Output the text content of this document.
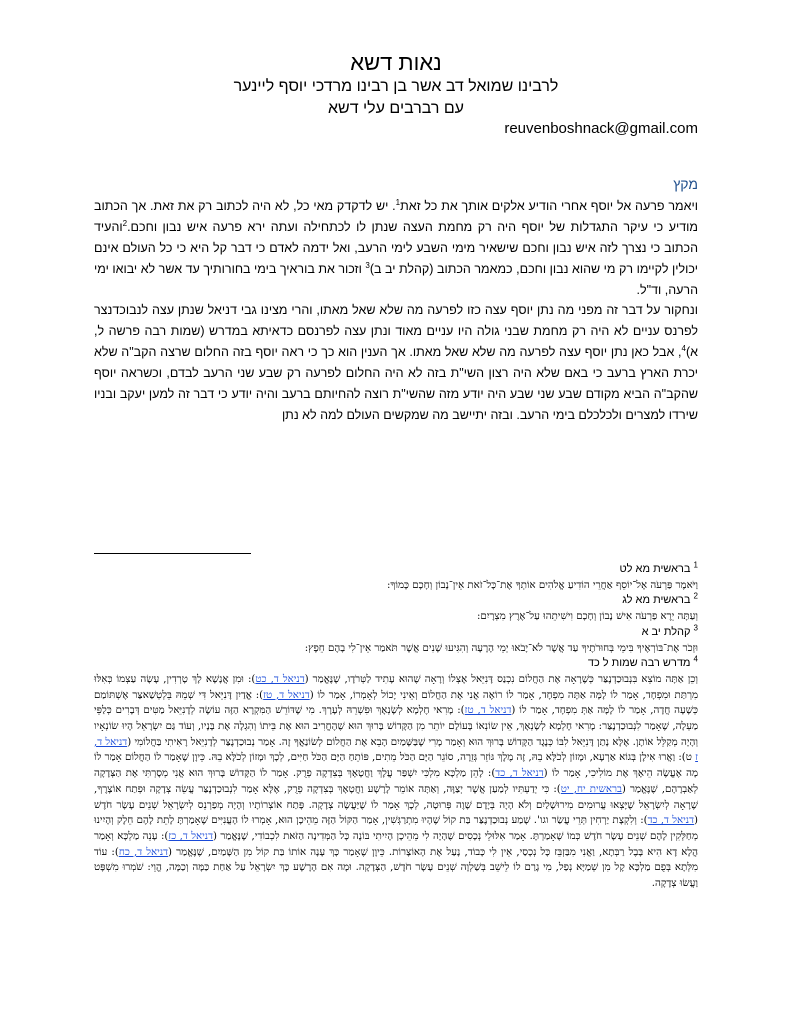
נאות דשא
לרבינו שמואל דב אשר בן רבינו מרדכי יוסף ליינער
עם רברבים עלי דשא
reuvenboshnack@gmail.com
מקץ
ויאמר פרעה אל יוסף אחרי הודיע אלקים אותך את כל זאת$^1$. יש לדקדק מאי כל, לא היה לכתוב רק את זאת. אך הכתוב מודיע כי עיקר התגדלות של יוסף היה רק מחמת העצה שנתן לו לכתחילה ועתה ירא פרעה איש נבון וחכם.$^2$והעיד הכתוב כי נצרך לזה איש נבון וחכם שישאיר מימי השבע לימי הרעב, ואל ידמה לאדם כי דבר קל היא כי כל העולם אינם יכולין לקיימו רק מי שהוא נבון וחכם, כמאמר הכתוב (קהלת יב ב)$^3$ וזכור את בוראיך בימי בחורותיך עד אשר לא יבואו ימי הרעה, וד"ל.
ונחקור על דבר זה מפני מה נתן יוסף עצה כזו לפרעה מה שלא שאל מאתו, והרי מצינו גבי דניאל שנתן עצה לנבוכדנצר לפרנס עניים לא היה רק מחמת שבני גולה היו עניים מאוד ונתן עצה לפרנסם כדאיתא במדרש (שמות רבה פרשה ל, א)$^4$, אבל כאן נתן יוסף עצה לפרעה מה שלא שאל מאתו. אך הענין הוא כך כי ראה יוסף בזה החלום שרצה הקב"ה שלא יכרת הארץ ברעב כי באם שלא היה רצון השי"ת בזה לא היה החלום לפרעה רק שבע שני הרעב לבדם, וכשראה יוסף שהקב"ה הביא מקודם שבע שני שבע היה יודע מזה שהשי"ת רוצה להחיותם ברעב והיה יודע כי דבר זה למען יעקב ובניו שירדו למצרים ולכלכלם בימי הרעב. ובזה יתיישב מה שמקשים העולם למה לא נתן
$^1$ בראשית מא לט
וַיֹּאמֶר פַּרְעֹה אֶל־יוֹסֵף אַחֲרֵי הוֹדִיעַ אֱלֹהִים אוֹתְךָ אֶת־כָּל־זֹאת אֵין־נָבוֹן וְחָכָם כָּמוֹךָ:
$^2$ בראשית מא לג
וְעַתָּה יֵרֶא פַרְעֹה אִישׁ נָבוֹן וְחָכָם וִישִׁיתֵהוּ עַל־אֶרֶץ מִצְרָיִם:
$^3$ קהלת יב א
וּזְכֹר אֶת־בּוֹרְאֶיךָ בִּימֵי בְּחוּרֹתֶיךָ עַד אֲשֶׁר לֹא־יָבֹאוּ יְמֵי הָרָעָה וְהִגִּיעוּ שָׁנִים אֲשֶׁר תֹּאמַר אֵין־לִי בָהֶם חֵפֶץ:
$^4$ מדרש רבה שמות ל כד
וְכֵן אַתָּה מוֹצֵא בִּנְבוּכַדְנֶצַּר כְּשֶׁרָאָה אֶת הַחֲלוֹם נִכְנַס דָּנִיֵּאל אֶצְלוֹ וְרָאָה שֶׁהוּא עָתִיד לַטְּרֹדָו, שֶׁנֶּאֱמַר (דניאל ד, כט): וּמִן אֲנָשָׁא לָךְ טָרְדִין, עָשָׂה עַצְמוֹ כְּאִלּוּ מִרְתַּת וּמִפְחָד, אָמַר לוֹ לָמָּה אַתָּה מִפְחָד, אָמַר לוֹ רוֹאֶה אֲנִי אֶת הַחֲלוֹם וְאֵינִי יָכוֹל לְאָמְרוֹ, אָמַר לוֹ (דניאל ד, טז): אֱדַיִן דָּנִיֵּאל דִּי שְׁמֵהּ בֵּלְטְשַׁאצַּר אֶשְׁתּוֹמַם כְּשָׁעָה חֲדָה, אָמַר לוֹ לָמָּה אַתְּ מִפְחָד, אָמַר לוֹ (דניאל ד, טז): מָרִאי חֶלְמָא לְשָׂנְאָךְ וּפִשְׁרֵהּ לְעָרָךְ. מִי שֶׁדּוֹרֵשׁ הַמִּקְרָא הַזֶּה עוֹשֶׂה לְדָנִיֵּאל מַטִּים דְּבָרִים כְּלַפֵּי מַעְלָה, שֶׁאָמַר לִנְבוּכַדְנֶצַּר: מָרִאי חֶלְמָא לְשָׂנְאָךְ, אֵין שׂוֹנְאוֹ בָּעוֹלָם יוֹתֵר מִן הַקָּדוֹשׁ בָּרוּךְ הוּא שֶׁהֶחֱרִיב הוּא אֶת בֵּיתוֹ וְהִגְלָה אֶת בָּנָיו, וְעוֹד גַּם יִשְׂרָאֵל הָיוּ שׂוֹנְאָיו וְהָיָה מְקַלֵּל אוֹתָן. אֶלָּא נָתַן דָּנִיֵּאל לִבּוֹ כְּנֶגֶד הַקָּדוֹשׁ בָּרוּךְ הוּא וְאָמַר מָרִי שֶׁבַּשָּׁמַיִם הָבֵא אֶת הַחֲלוֹם לְשׂוֹנַאֲךָ זֶה. אָמַר נְבוּכַדְנֶצַּר לְדָנִיֵּאל רָאִיתִי בַּחֲלוֹמִי (דניאל ד, ז ט): וַאֲרוּ אִילָן בְּגוֹא אַרְעָא, וּמָזוֹן לְכֹלָּא בֵהּ, זֶה מֶלֶךְ גּוֹזֵר גְּזֵרָה, סוֹגֵר הַיָּם הַכֹּל מֵתִים, פּוֹתֵחַ הַיָּם הַכֹּל חַיִּים, לְכָךְ וּמָזוֹן לְכֹלָּא בֵהּ. כֵּיוָן שֶׁאָמַר לוֹ הַחֲלוֹם אָמַר לוֹ מָה אֶעֱשֶׂה הֵיאָךְ אֶת מוֹלִיכִי, אָמַר לוֹ (דניאל ד, כד): לָהֵן מַלְכָּא מִלְכִּי יִשְׁפַּר עֲלָךְ וַחֲטָאָךְ בְּצִדְקָה פְרֻק. אָמַר לוֹ הַקָּדוֹשׁ בָּרוּךְ הוּא אֲנִי מְסָרְתִּי אֶת הַצְּדָקָה לְאַבְרָהָם, שֶׁנֶּאֱמַר (בראשית יח, יט): כִּי יְדַעְתִּיו לְמַעַן אֲשֶׁר יְצַוֶּה, וְאַתָּה אוֹמֵר לָרָשָׁע וַחֲטָאָךְ בְּצִדְקָה פְרֻק, אֶלָּא אָמַר לִנְבוּכַדְנֶצַּר עֲשֵׂה צְדָקָה וּפְתַח אוֹצָרֶךָ, שֶׁרָאָה לְיִשְׂרָאֵל שֶׁיָּצְאוּ עֲרוּמִים מִירוּשָׁלַיִם וְלֹא הָיָה בְּיָדָם שָׁוֶה פְּרוּטָה, לְכָךְ אָמַר לוֹ שֶׁיַּעֲשֶׂה צְדָקָה. פָּתַח אוֹצְרוֹתָיו וְהָיָה מְפַרְנֵס לְיִשְׂרָאֵל שְׁנֵים עָשָׂר חֹדֶשׁ (דניאל ד, כד): וְלִקְצָת יַרְחִין תְּרֵי עֲשַׂר וגו'. שָׁמַע נְבוּכַדְנֶצַּר בַּת קוֹל שֶׁהָיוּ מִתְרַגְּשִׁין, אָמַר הַקּוֹל הַזֶּה מֵהֵיכָן הוּא, אָמְרוּ לוֹ הָעֲנִיִּים שֶׁאָמַרְתָּ לָתֵת לָהֶם חֵלֶק וְהָיִינוּ מְחַלְּקִין לָהֶם שְׁנֵים עָשָׂר חֹדֶשׁ כְּמוֹ שֶׁאָמַרְתָּ. אָמַר אִלּוּלֵי נְכָסִים שֶׁהָיָה לִי מֵהֵיכָן הָיִיתִי בּוֹנֶה כָּל הַמְּדִינָה הַזֹּאת לִכְבוֹדִי, שֶׁנֶּאֱמַר (דניאל ד, כז): עָנֵה מַלְכָּא וְאָמַר הֲלָא דָא הִיא בָּבֶל רַבְּתָא, וַאֲנִי מִבַּזְבֵּז כָּל נְכָסַי, אֵין לִי כָּבוֹד, נָעַל אֶת הָאוֹצָרוֹת. כֵּיוָן שֶׁאָמַר כָּךְ עָנָה אוֹתוֹ בַּת קוֹל מִן הַשָּׁמַיִם, שֶׁנֶּאֱמַר (דניאל ד, כח): עוֹד מִלְּתָא בְּפֻם מַלְכָּא קָל מִן שְׁמַיָּא נְפַל, מִי גָרַם לוֹ לֵישֵׁב בְּשַׁלְוָה שְׁנֵים עָשָׂר חֹדֶשׁ, הַצְּדָקָה. וּמָה אִם הָרָשָׁע כָּךְ יִשְׂרָאֵל עַל אַחַת כַּמָּה וְכַמָּה, הֱוֵי: שֹׁמְרוּ מִשְׁפָּט וַעֲשׂוּ צְדָקָה.
